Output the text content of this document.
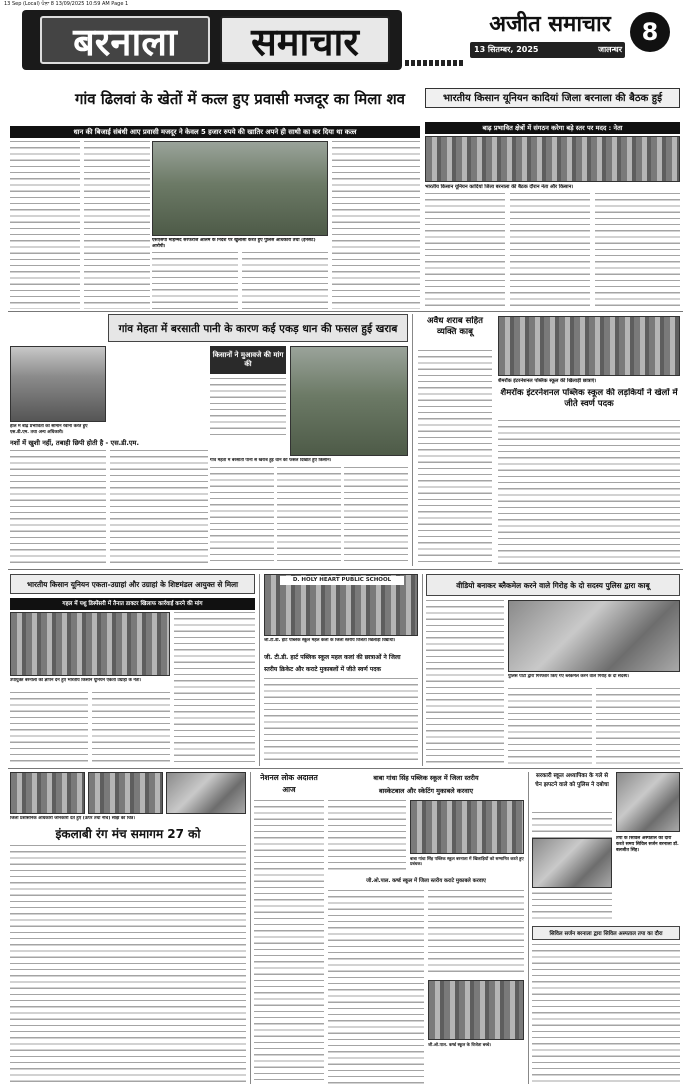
13 Sep (Local) ਪੰਨਾ 8 13/09/2025 10:59 AM Page 1
बरनाला	समाचार	अजीत समाचार	8
13 सितम्बर, 2025	जालन्धर
गांव ढिलवां के खेतों में कत्ल हुए प्रवासी मजदूर का मिला शव
धान की बिजाई संबंधी आए प्रवासी मजदूर ने केवल 5 हजार रुपये की खातिर अपने ही साथी का कर दिया था कत्ल
एसएसपी मोहम्मद सरफराज आलम के निर्देश पर खुलासा करते हुए पुलिस अधिकारी तथा (इनसेट) आरोपी।
भारतीय किसान यूनियन कादियां जिला बरनाला की बैठक हुई
बाढ़ प्रभावित क्षेत्रों में संगठन करेगा बड़े स्तर पर मदद : नेता
भारतीय किसान यूनियन कादियां जिला बरनाला की बैठक दौरान नेता और किसान।
गांव मेहता में बरसाती पानी के कारण कई एकड़ धान की फसल हुई खराब
हाल में बाढ़ प्रभावितों को सामान रवाना करते हुए एस.डी.एम. तथा अन्य अधिकारी।
नशों में खुशी नहीं, तबाही छिपी होती है - एस.डी.एम.
किसानों ने मुआवजे की मांग की
गांव मेहता में बरसाती पानी से खराब हुई धान की फसल दिखाते हुए किसान।
अवैध शराब सहित व्यक्ति काबू
शैमरॉक इंटरनेशनल पब्लिक स्कूल की खिलाड़ी छात्राएं।
शैमरॉक इंटरनेशनल पब्लिक स्कूल की लड़कियों ने खेलों में जीते स्वर्ण पदक
भारतीय किसान यूनियन एकता-उग्राहां और उग्राहां के शिष्टमंडल आयुक्त से मिला
गहल में पशु डिस्पेंसरी में तैनात डाक्टर खिलाफ कार्रवाई करने की मांग
उपायुक्त बरनाला को ज्ञापन देने हुए भारतीय किसान यूनियन एकता उग्राहां के नेता।
D. HOLY HEART PUBLIC SCHOOL
जी.टी.डी. हार्ट पब्लिक स्कूल महल कलां के जिला स्तरीय विजेता खिलाड़ी विद्यार्थी।
जी. टी.डी. हार्ट पब्लिक स्कूल महल कलां की छात्राओं ने जिला
स्तरीय क्रिकेट और कराटे मुकाबलों में जीते स्वर्ण पदक
वीडियो बनाकर ब्लैकमेल करने वाले गिरोह के दो सदस्य पुलिस द्वारा काबू
पुलिस पार्टी द्वारा गिरफ्तार किए गए ब्लैकमेल करने वाले गिरोह के दो सदस्य।
जिला प्रशासनिक अधिकारी जानकारी देते हुए (ऊपर तथा नीचे) सांझे का चित्र।
इंकलाबी रंग मंच समागम 27 को
नेशनल लोक अदालत आज
बाबा गांधा सिंह पब्लिक स्कूल में जिला स्तरीय
बास्केटबाल और स्केटिंग मुकाबले करवाए
बाबा गांधा सिंह पब्लिक स्कूल बरनाला में खिलाड़ियों को सम्मानित करते हुए प्रबंधक।
जी.ओ.पाल. कर्ष्ड स्कूल में जिला स्तरीय कराटे मुकाबले करवाए
जी.ओ.पाल. कर्ष्ड स्कूल के विजेता बच्चे।
सरकारी स्कूल अध्यापिका के गले से चेन झपटने वाले को पुलिस ने दबोचा
तपा के सिविल अस्पताल का दौरा करते समय सिविल सर्जन बरनाला डॉ. बलजीत सिंह।
सिविल सर्जन बरनाला द्वारा सिविल अस्पताल तपा का दौरा
